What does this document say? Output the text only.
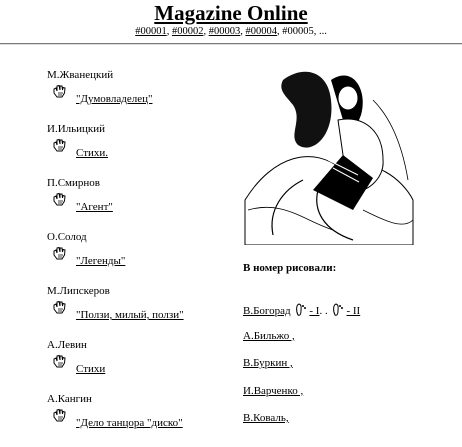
Magazine Online
#00001, #00002, #00003, #00004, #00005, ...
М.Жванецкий
"Думовладелец"
И.Ильицкий
Стихи.
П.Смирнов
"Агент"
О.Солод
"Легенды"
М.Липскеров
"Ползи, милый, ползи"
А.Левин
Стихи
А.Кангин
"Дело танцора "диско"
В номер рисовали:
В.Богорад - I. . - II
А.Бильжо ,
В.Буркин ,
И.Варченко ,
В.Коваль,
